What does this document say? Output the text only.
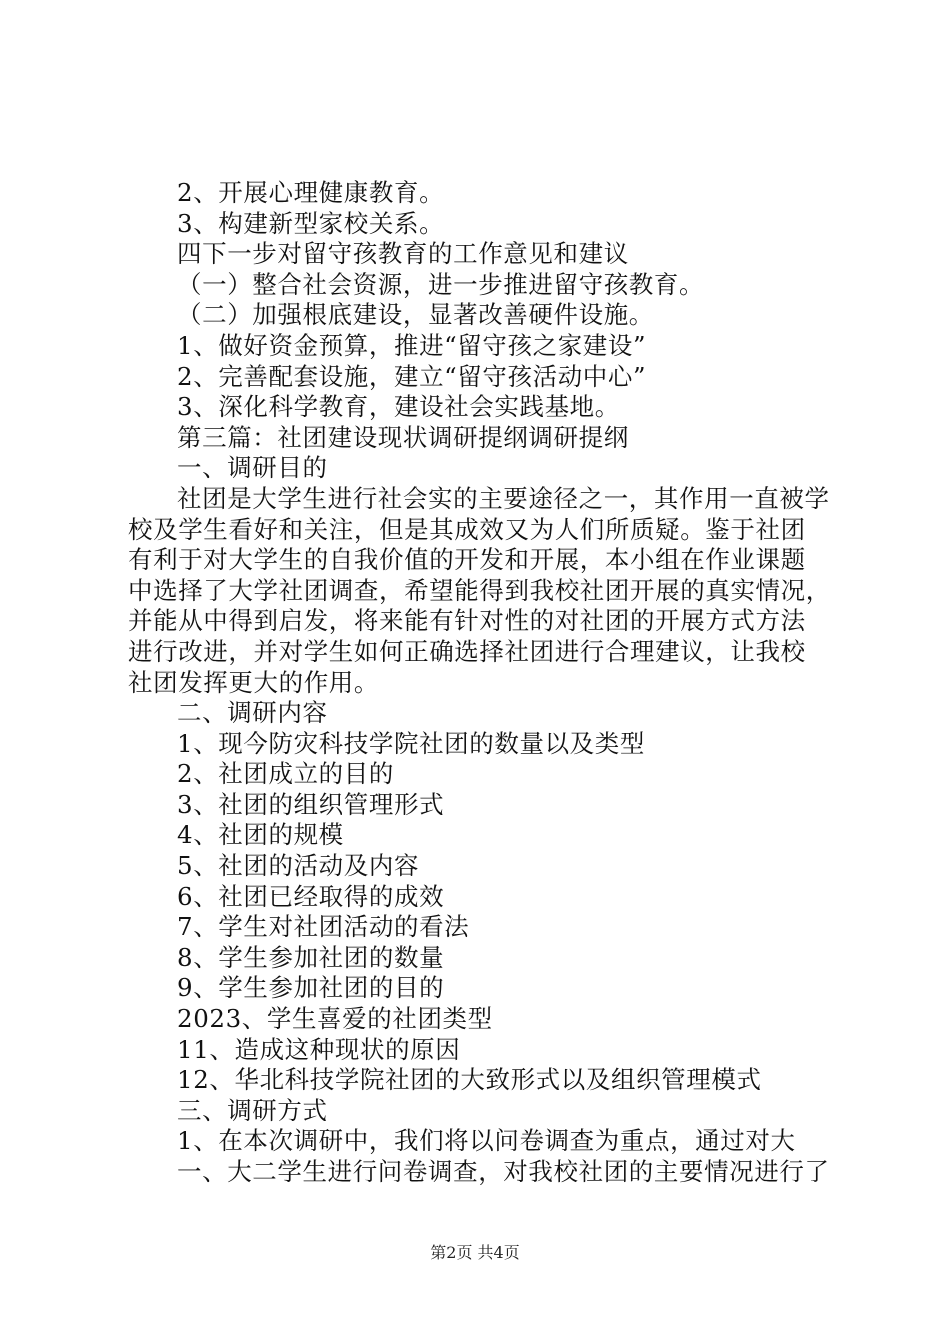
2、开展心理健康教育。
3、构建新型家校关系。
四下一步对留守孩教育的工作意见和建议
（一）整合社会资源，进一步推进留守孩教育。
（二）加强根底建设，显著改善硬件设施。
1、做好资金预算，推进“留守孩之家建设”
2、完善配套设施，建立“留守孩活动中心”
3、深化科学教育，建设社会实践基地。
第三篇：社团建设现状调研提纲调研提纲
一、调研目的
社团是大学生进行社会实的主要途径之一，其作用一直被学
校及学生看好和关注，但是其成效又为人们所质疑。鉴于社团
有利于对大学生的自我价值的开发和开展，本小组在作业课题
中选择了大学社团调查，希望能得到我校社团开展的真实情况，
并能从中得到启发，将来能有针对性的对社团的开展方式方法
进行改进，并对学生如何正确选择社团进行合理建议，让我校
社团发挥更大的作用。
二、调研内容
1、现今防灾科技学院社团的数量以及类型
2、社团成立的目的
3、社团的组织管理形式
4、社团的规模
5、社团的活动及内容
6、社团已经取得的成效
7、学生对社团活动的看法
8、学生参加社团的数量
9、学生参加社团的目的
2023、学生喜爱的社团类型
11、造成这种现状的原因
12、华北科技学院社团的大致形式以及组织管理模式
三、调研方式
1、在本次调研中，我们将以问卷调查为重点，通过对大
一、大二学生进行问卷调查，对我校社团的主要情况进行了
第2页 共4页
